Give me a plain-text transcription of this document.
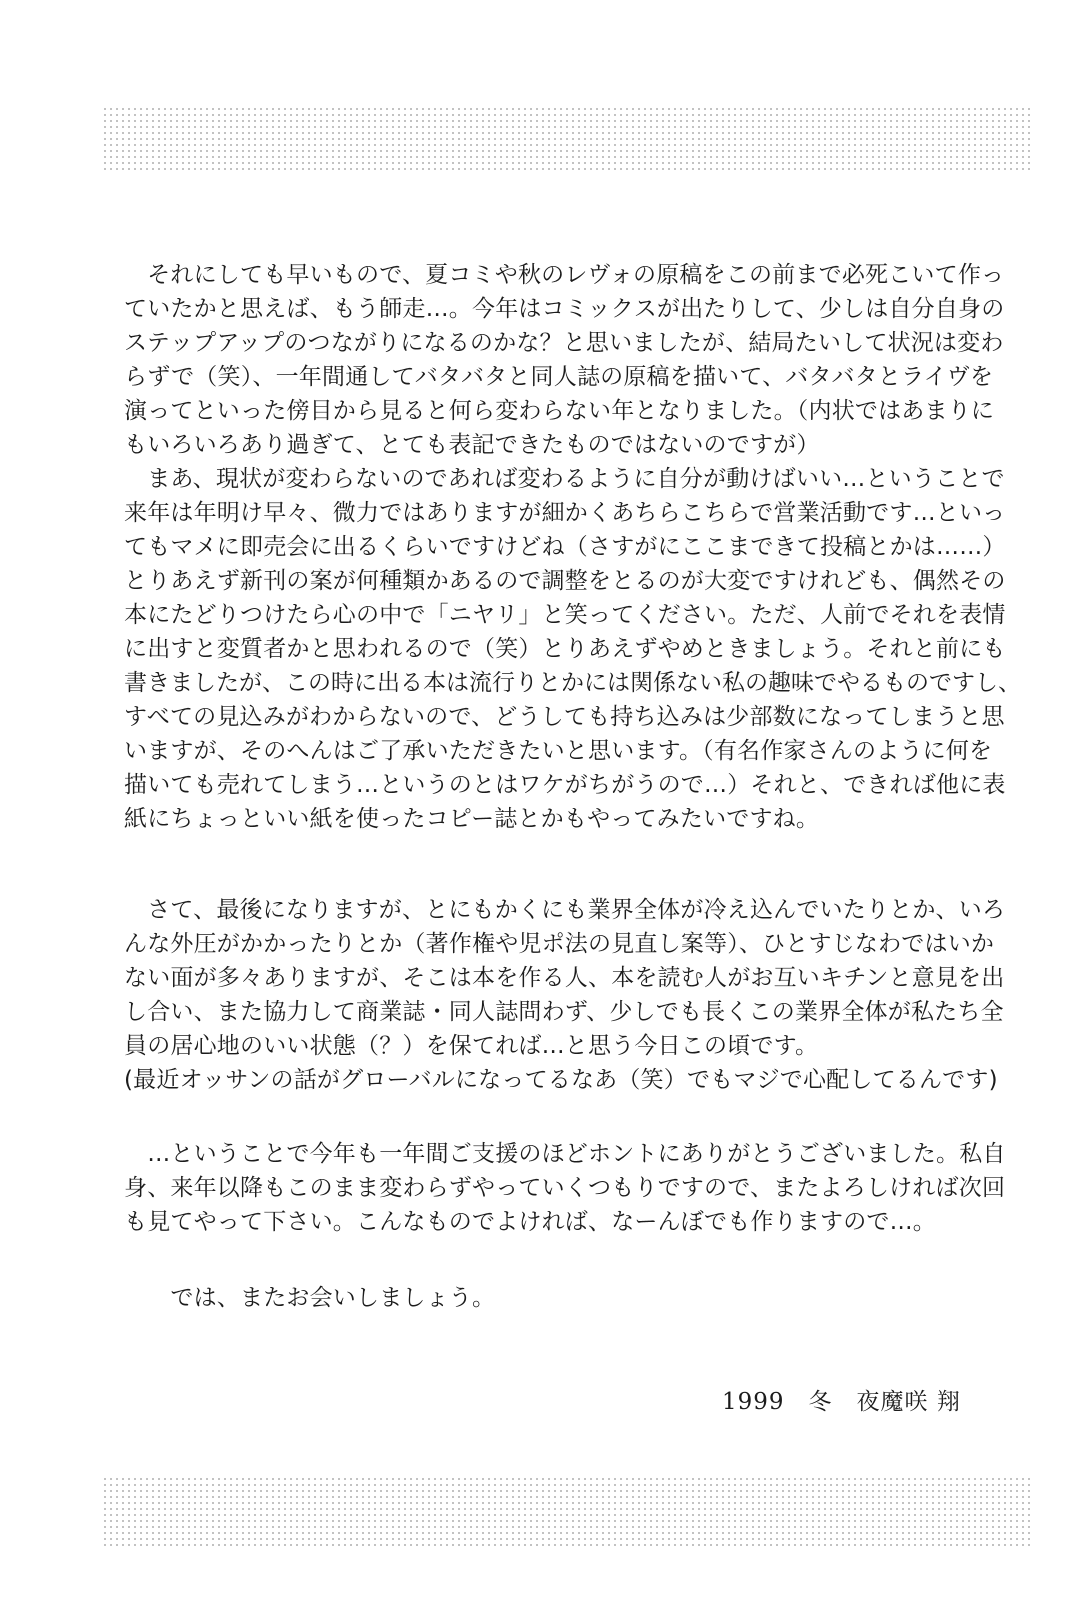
　それにしても早いもので、夏コミや秋のレヴォの原稿をこの前まで必死こいて作っ
ていたかと思えば、もう師走…。今年はコミックスが出たりして、少しは自分自身の
ステップアップのつながりになるのかな？と思いましたが、結局たいして状況は変わ
らずで（笑）、一年間通してバタバタと同人誌の原稿を描いて、バタバタとライヴを
演ってといった傍目から見ると何ら変わらない年となりました。（内状ではあまりに
もいろいろあり過ぎて、とても表記できたものではないのですが）
　まあ、現状が変わらないのであれば変わるように自分が動けばいい…ということで
来年は年明け早々、微力ではありますが細かくあちらこちらで営業活動です…といっ
てもマメに即売会に出るくらいですけどね（さすがにここまできて投稿とかは……）
とりあえず新刊の案が何種類かあるので調整をとるのが大変ですけれども、偶然その
本にたどりつけたら心の中で「ニヤリ」と笑ってください。ただ、人前でそれを表情
に出すと変質者かと思われるので（笑）とりあえずやめときましょう。それと前にも
書きましたが、この時に出る本は流行りとかには関係ない私の趣味でやるものですし、
すべての見込みがわからないので、どうしても持ち込みは少部数になってしまうと思
いますが、そのへんはご了承いただきたいと思います。（有名作家さんのように何を
描いても売れてしまう…というのとはワケがちがうので…）それと、できれば他に表
紙にちょっといい紙を使ったコピー誌とかもやってみたいですね。
　さて、最後になりますが、とにもかくにも業界全体が冷え込んでいたりとか、いろ
んな外圧がかかったりとか（著作権や児ポ法の見直し案等）、ひとすじなわではいか
ない面が多々ありますが、そこは本を作る人、本を読む人がお互いキチンと意見を出
し合い、また協力して商業誌・同人誌問わず、少しでも長くこの業界全体が私たち全
員の居心地のいい状態（？）を保てれば…と思う今日この頃です。
(最近オッサンの話がグローバルになってるなあ（笑）でもマジで心配してるんです)
　…ということで今年も一年間ご支援のほどホントにありがとうございました。私自
身、来年以降もこのまま変わらずやっていくつもりですので、またよろしければ次回
も見てやって下さい。こんなものでよければ、なーんぼでも作りますので…。
　　では、またお会いしましょう。

1999　冬　夜魔咲 翔
